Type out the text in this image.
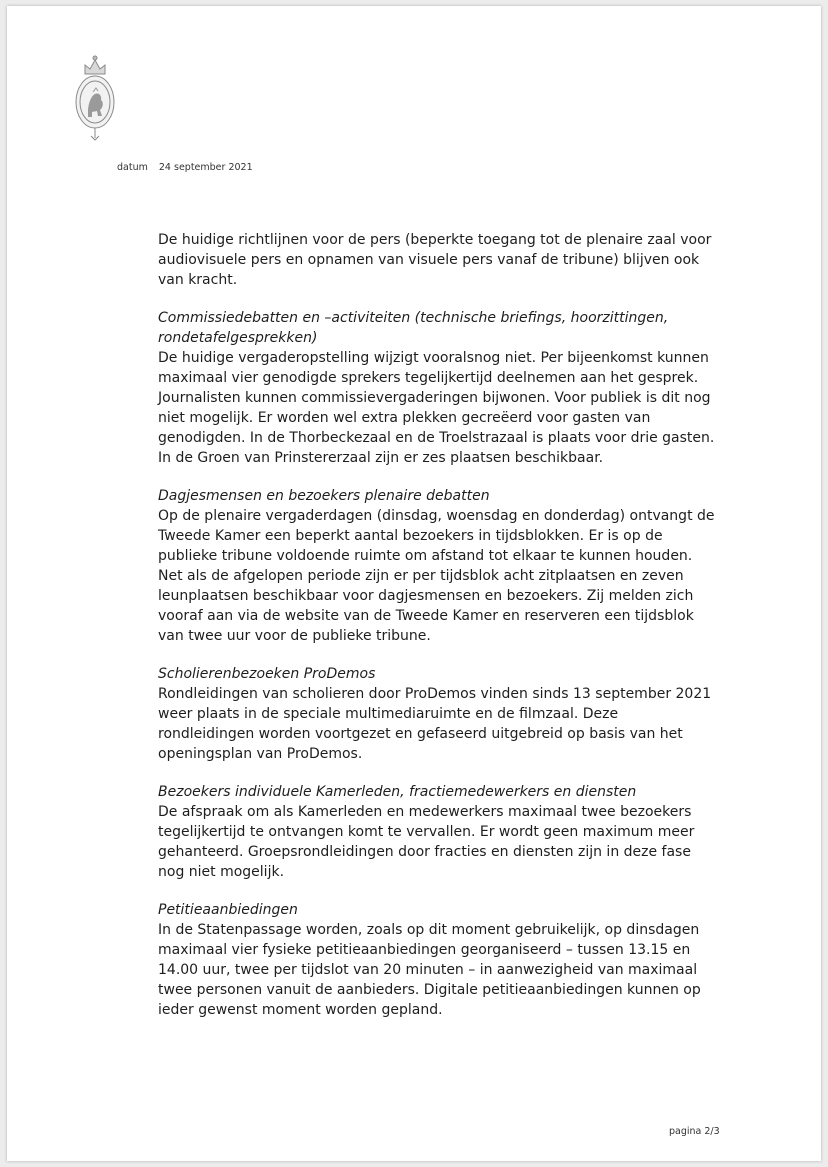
datum 24 september 2021

De huidige richtlijnen voor de pers (beperkte toegang tot de plenaire zaal voor audiovisuele pers en opnamen van visuele pers vanaf de tribune) blijven ook van kracht.

Commissiedebatten en –activiteiten (technische briefings, hoorzittingen, rondetafelgesprekken)

De huidige vergaderopstelling wijzigt vooralsnog niet. Per bijeenkomst kunnen maximaal vier genodigde sprekers tegelijkertijd deelnemen aan het gesprek. Journalisten kunnen commissievergaderingen bijwonen. Voor publiek is dit nog niet mogelijk. Er worden wel extra plekken gecreëerd voor gasten van genodigden. In de Thorbeckezaal en de Troelstrazaal is plaats voor drie gasten. In de Groen van Prinstererzaal zijn er zes plaatsen beschikbaar.

Dagjesmensen en bezoekers plenaire debatten

Op de plenaire vergaderdagen (dinsdag, woensdag en donderdag) ontvangt de Tweede Kamer een beperkt aantal bezoekers in tijdsblokken. Er is op de publieke tribune voldoende ruimte om afstand tot elkaar te kunnen houden. Net als de afgelopen periode zijn er per tijdsblok acht zitplaatsen en zeven leunplaatsen beschikbaar voor dagjesmensen en bezoekers. Zij melden zich vooraf aan via de website van de Tweede Kamer en reserveren een tijdsblok van twee uur voor de publieke tribune.

Scholierenbezoeken ProDemos

Rondleidingen van scholieren door ProDemos vinden sinds 13 september 2021 weer plaats in de speciale multimediaruimte en de filmzaal. Deze rondleidingen worden voortgezet en gefaseerd uitgebreid op basis van het openingsplan van ProDemos.

Bezoekers individuele Kamerleden, fractiemedewerkers en diensten

De afspraak om als Kamerleden en medewerkers maximaal twee bezoekers tegelijkertijd te ontvangen komt te vervallen. Er wordt geen maximum meer gehanteerd. Groepsrondleidingen door fracties en diensten zijn in deze fase nog niet mogelijk.

Petitieaanbiedingen

In de Statenpassage worden, zoals op dit moment gebruikelijk, op dinsdagen maximaal vier fysieke petitieaanbiedingen georganiseerd – tussen 13.15 en 14.00 uur, twee per tijdslot van 20 minuten – in aanwezigheid van maximaal twee personen vanuit de aanbieders. Digitale petitieaanbiedingen kunnen op ieder gewenst moment worden gepland.

pagina 2/3
